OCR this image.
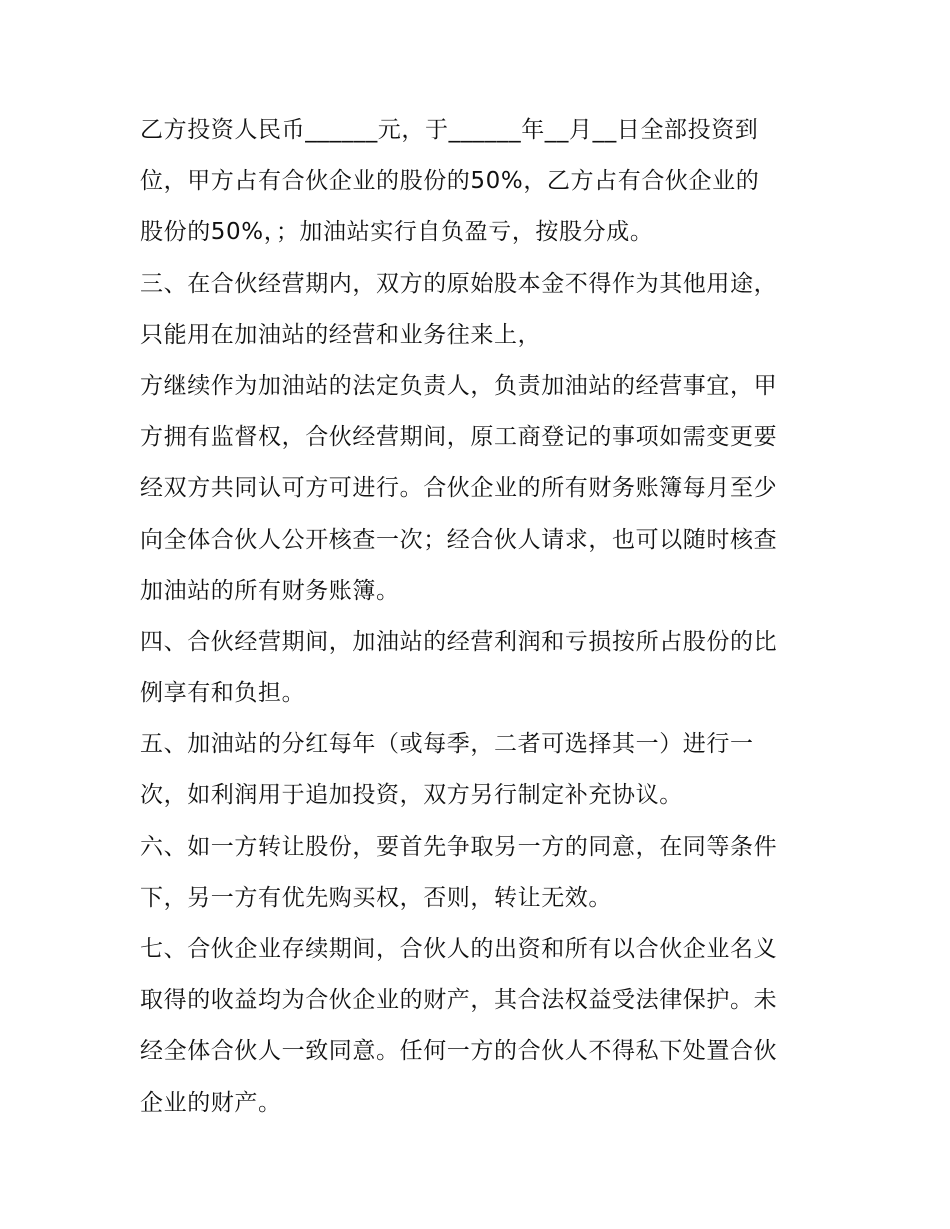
乙方投资人民币______元，于______年__月__日全部投资到
位，甲方占有合伙企业的股份的50%，乙方占有合伙企业的
股份的50%，；加油站实行自负盈亏，按股分成。
三、在合伙经营期内，双方的原始股本金不得作为其他用途，
只能用在加油站的经营和业务往来上，
方继续作为加油站的法定负责人，负责加油站的经营事宜，甲
方拥有监督权，合伙经营期间，原工商登记的事项如需变更要
经双方共同认可方可进行。合伙企业的所有财务账簿每月至少
向全体合伙人公开核查一次；经合伙人请求，也可以随时核查
加油站的所有财务账簿。
四、合伙经营期间，加油站的经营利润和亏损按所占股份的比
例享有和负担。
五、加油站的分红每年（或每季，二者可选择其一）进行一
次，如利润用于追加投资，双方另行制定补充协议。
六、如一方转让股份，要首先争取另一方的同意，在同等条件
下，另一方有优先购买权，否则，转让无效。
七、合伙企业存续期间，合伙人的出资和所有以合伙企业名义
取得的收益均为合伙企业的财产，其合法权益受法律保护。未
经全体合伙人一致同意。任何一方的合伙人不得私下处置合伙
企业的财产。
